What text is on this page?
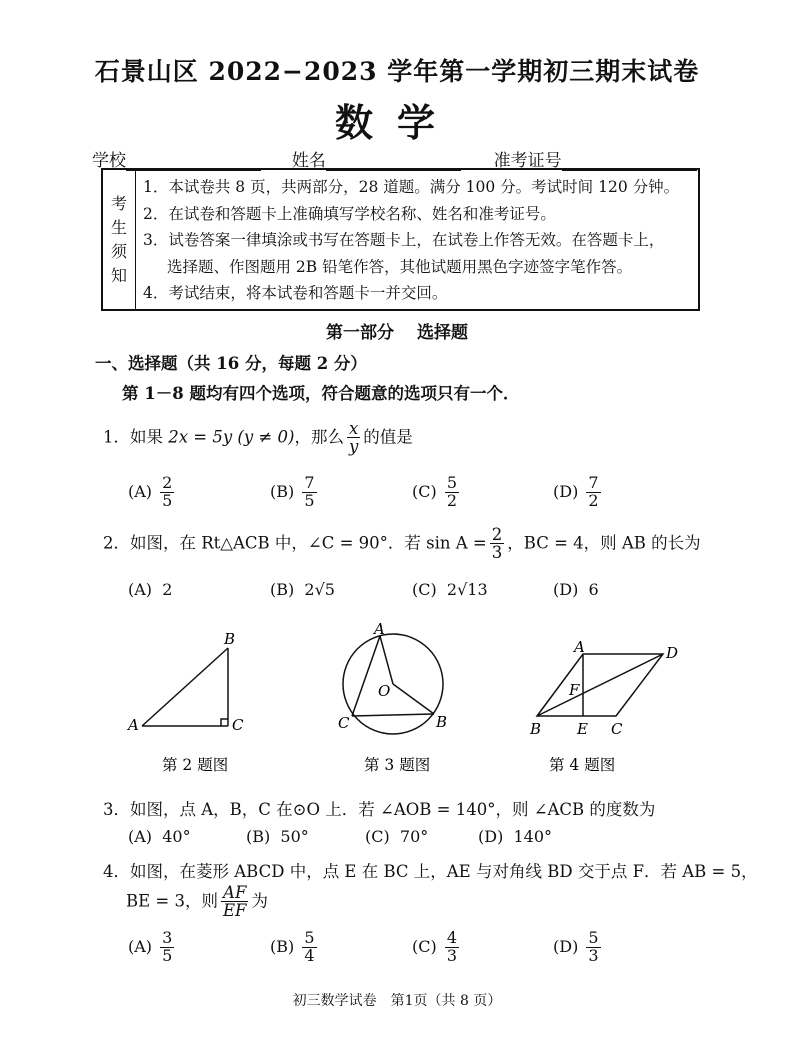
石景山区 2022−2023 学年第一学期初三期末试卷
数学
学校	姓名	准考证号
考
生
须
知
1．本试卷共 8 页，共两部分，28 道题。满分 100 分。考试时间 120 分钟。
2．在试卷和答题卡上准确填写学校名称、姓名和准考证号。
3．试卷答案一律填涂或书写在答题卡上，在试卷上作答无效。在答题卡上，
选择题、作图题用 2B 铅笔作答，其他试题用黑色字迹签字笔作答。
4．考试结束，将本试卷和答题卡一并交回。
第一部分　 选择题
一、选择题（共 16 分，每题 2 分）
第 1－8 题均有四个选项，符合题意的选项只有一个．
1．如果 2x = 5y (y ≠ 0)，那么 $\frac{x}{y}$ 的值是
$(A) \frac{2}{5}$	$(B) \frac{7}{5}$	$(C) \frac{5}{2}$	$(D) \frac{7}{2}$
2．如图，在 Rt△ACB 中，∠C = 90°．若 $\sin A = \frac{2}{3}$ ，BC = 4，则 AB 的长为
(A) 2	(B) 2√5	(C) 2√13	(D) 6
B
A	C
A
O
C	B
A	D
F
B E C
第 2 题图	第 3 题图	第 4 题图
3．如图，点 A，B，C 在⊙O 上．若 ∠AOB = 140°，则 ∠ACB 的度数为
(A) 40°	(B) 50°	(C) 70°	(D) 140°
4．如图，在菱形 ABCD 中，点 E 在 BC 上，AE 与对角线 BD 交于点 F．若 AB = 5，
BE = 3，则 $\frac{AF}{EF}$ 为
$(A) \frac{3}{5}$	$(B) \frac{5}{4}$	$(C) \frac{4}{3}$	$(D) \frac{5}{3}$
初三数学试卷　第1页（共 8 页）
